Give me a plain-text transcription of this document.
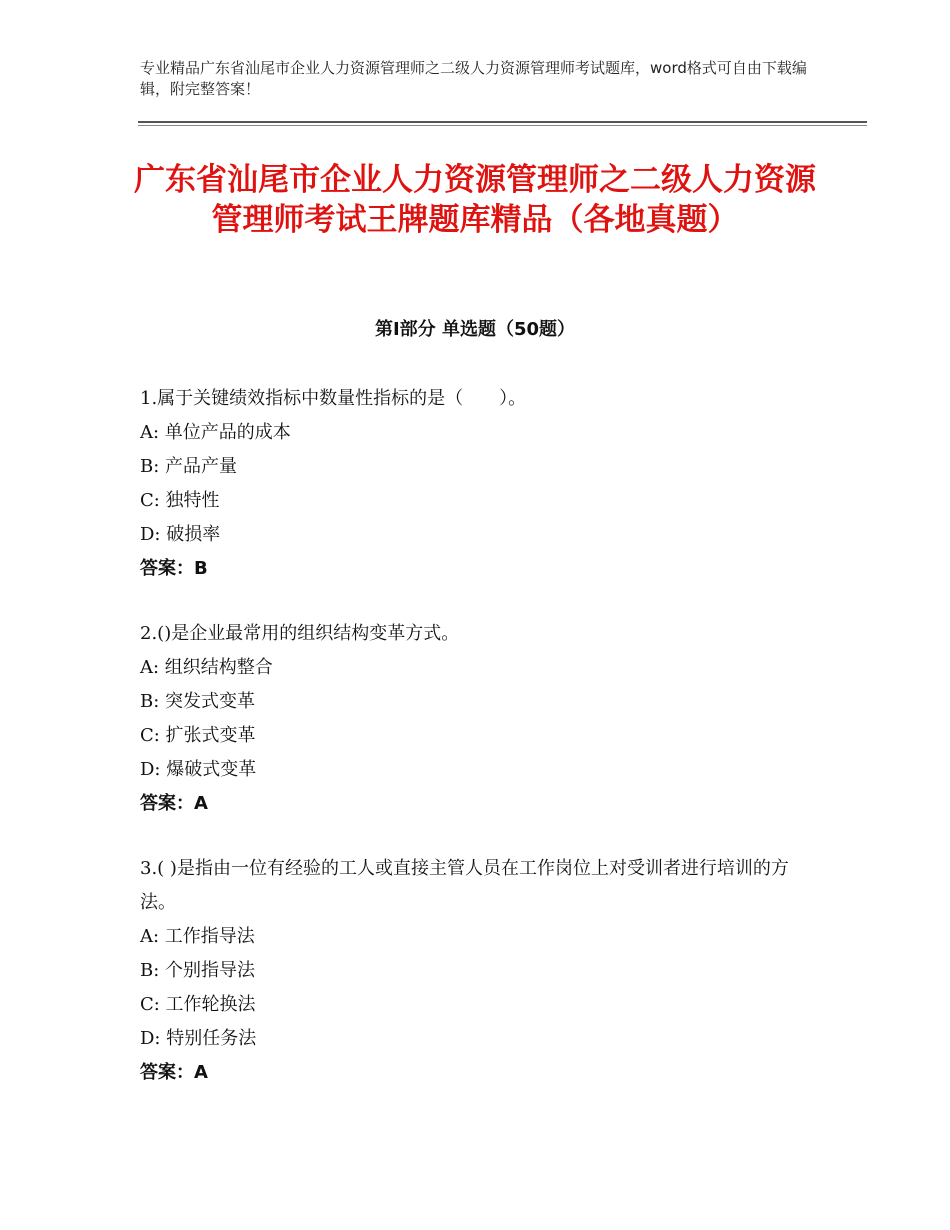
专业精品广东省汕尾市企业人力资源管理师之二级人力资源管理师考试题库，word格式可自由下载编辑，附完整答案！
广东省汕尾市企业人力资源管理师之二级人力资源管理师考试王牌题库精品（各地真题）
第Ⅰ部分 单选题（50题）
1.属于关键绩效指标中数量性指标的是（　　）。
A: 单位产品的成本
B: 产品产量
C: 独特性
D: 破损率
答案：B
2.()是企业最常用的组织结构变革方式。
A: 组织结构整合
B: 突发式变革
C: 扩张式变革
D: 爆破式变革
答案：A
3.( )是指由一位有经验的工人或直接主管人员在工作岗位上对受训者进行培训的方法。
A: 工作指导法
B: 个别指导法
C: 工作轮换法
D: 特别任务法
答案：A
